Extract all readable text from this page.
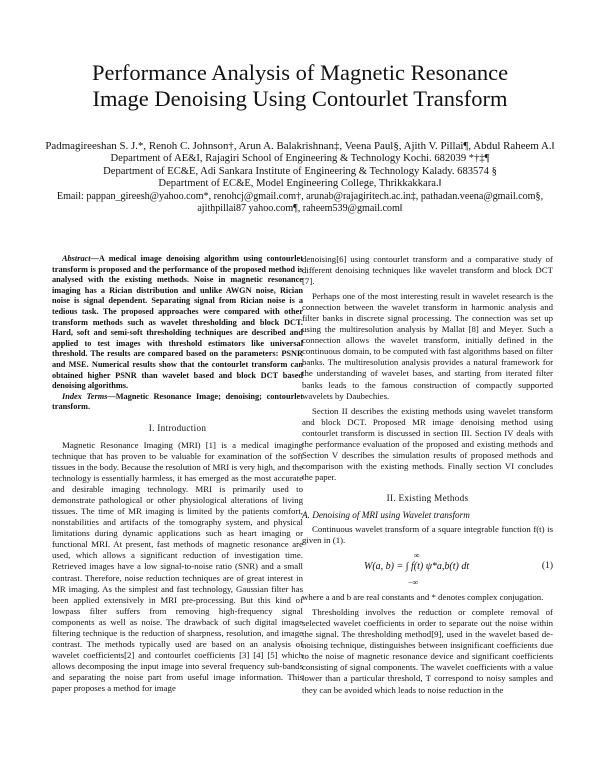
Performance Analysis of Magnetic Resonance
Image Denoising Using Contourlet Transform
Padmagireeshan S. J.*, Renoh C. Johnson†, Arun A. Balakrishnan‡, Veena Paul§, Ajith V. Pillai¶, Abdul Raheem A.‖
Department of AE&I, Rajagiri School of Engineering & Technology Kochi. 682039 *†‡¶
Department of EC&E, Adi Sankara Institute of Engineering & Technology Kalady. 683574 §
Department of EC&E, Model Engineering College, Thrikkakkara.‖
Email: pappan_gireesh@yahoo.com*, renohcj@gmail.com†, arunab@rajagiritech.ac.in‡, pathadan.veena@gmail.com§,
ajithpillai87 yahoo.com¶, raheem539@gmail.com‖

Abstract—A medical image denoising algorithm using contourlet transform is proposed and the performance of the proposed method is analysed with the existing methods. Noise in magnetic resonance imaging has a Rician distribution and unlike AWGN noise, Rician noise is signal dependent. Separating signal from Rician noise is a tedious task. The proposed approaches were compared with other transform methods such as wavelet thresholding and block DCT. Hard, soft and semi-soft thresholding techniques are described and applied to test images with threshold estimators like universal threshold. The results are compared based on the parameters: PSNR and MSE. Numerical results show that the contourlet transform can obtained higher PSNR than wavelet based and block DCT based denoising algorithms.

Index Terms—Magnetic Resonance Image; denoising; contourlet transform.

I. Introduction

Magnetic Resonance Imaging (MRI) [1] is a medical imaging technique that has proven to be valuable for examination of the soft tissues in the body. Because the resolution of MRI is very high, and the technology is essentially harmless, it has emerged as the most accurate and desirable imaging technology. MRI is primarily used to demonstrate pathological or other physiological alterations of living tissues. The time of MR imaging is limited by the patients comfort, nonstabilities and artifacts of the tomography system, and physical limitations during dynamic applications such as heart imaging or functional MRI. At present, fast methods of magnetic resonance are used, which allows a significant reduction of investigation time. Retrieved images have a low signal-to-noise ratio (SNR) and a small contrast. Therefore, noise reduction techniques are of great interest in MR imaging. As the simplest and fast technology, Gaussian filter has been applied extensively in MRI pre-processing. But this kind of lowpass filter suffers from removing high-frequency signal components as well as noise. The drawback of such digital image filtering technique is the reduction of sharpness, resolution, and image contrast. The methods typically used are based on an analysis of wavelet coefficients[2] and contourlet coefficients [3] [4] [5] which allows decomposing the input image into several frequency sub-bands and separating the noise part from useful image information. This paper proposes a method for image

denoising[6] using contourlet transform and a comparative study of different denoising techniques like wavelet transform and block DCT [7].

Perhaps one of the most interesting result in wavelet research is the connection between the wavelet transform in harmonic analysis and filter banks in discrete signal processing. The connection was set up using the multiresolution analysis by Mallat [8] and Meyer. Such a connection allows the wavelet transform, initially defined in the continuous domain, to be computed with fast algorithms based on filter banks. The multiresolution analysis provides a natural framework for the understanding of wavelet bases, and starting from iterated filter banks leads to the famous construction of compactly supported wavelets by Daubechies.

Section II describes the existing methods using wavelet transform and block DCT. Proposed MR image denoising method using contourlet transform is discussed in section III. Section IV deals with the performance evaluation of the proposed and existing methods and Section V describes the simulation results of proposed methods and comparison with the existing methods. Finally section VI concludes the paper.

II. Existing Methods
A. Denoising of MRI using Wavelet transform

Continuous wavelet transform of a square integrable function f(t) is given in (1).

W(a, b) = ∫ f(t) ψ*a,b(t) dt
∞
−∞
(1)

where a and b are real constants and * denotes complex conjugation.

Thresholding involves the reduction or complete removal of selected wavelet coefficients in order to separate out the noise within the signal. The thresholding method[9], used in the wavelet based de-noising technique, distinguishes between insignificant coefficients due to the noise of magnetic resonance device and significant coefficients consisting of signal components. The wavelet coefficients with a value lower than a particular threshold, T correspond to noisy samples and they can be avoided which leads to noise reduction in the
